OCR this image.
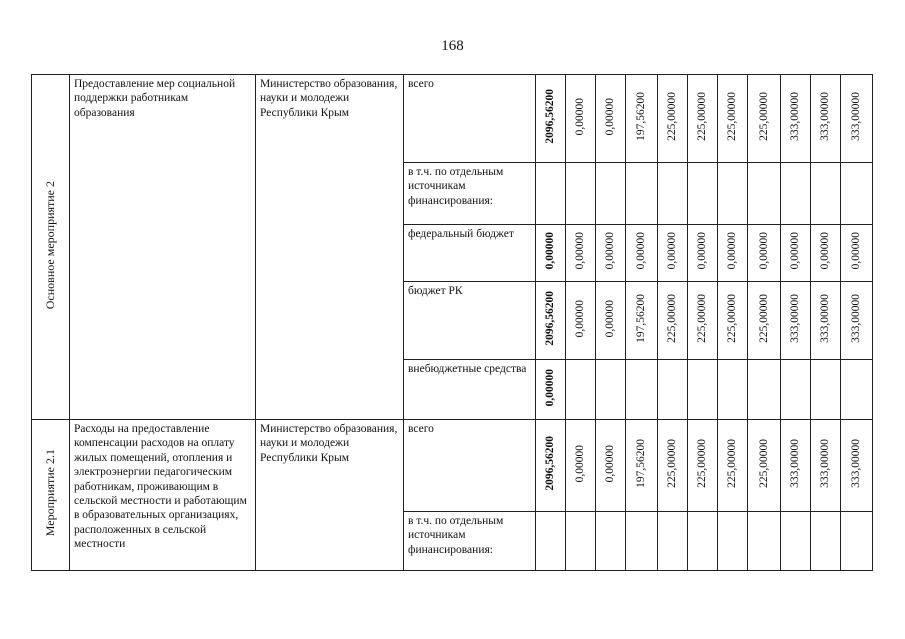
168
Основное мероприятие 2	Предоставление мер социальной поддержки работникам образования	Министерство образования, науки и молодежи Республики Крым	всего	2096,56200	0,00000	0,00000	197,56200	225,00000	225,00000	225,00000	225,00000	333,00000	333,00000	333,00000

			в т.ч. по отдельным источникам финансирования:											

			федеральный бюджет	0,00000	0,00000	0,00000	0,00000	0,00000	0,00000	0,00000	0,00000	0,00000	0,00000	0,00000

			бюджет РК	2096,56200	0,00000	0,00000	197,56200	225,00000	225,00000	225,00000	225,00000	333,00000	333,00000	333,00000

			внебюджетные средства	0,00000										
Мероприятие 2.1	Расходы на предоставление компенсации расходов на оплату жилых помещений, отопления и электроэнергии педагогическим работникам, проживающим в сельской местности и работающим в образовательных организациях, расположенных в сельской местности	Министерство образования, науки и молодежи Республики Крым	всего	2096,56200	0,00000	0,00000	197,56200	225,00000	225,00000	225,00000	225,00000	333,00000	333,00000	333,00000

			в т.ч. по отдельным источникам финансирования:											
